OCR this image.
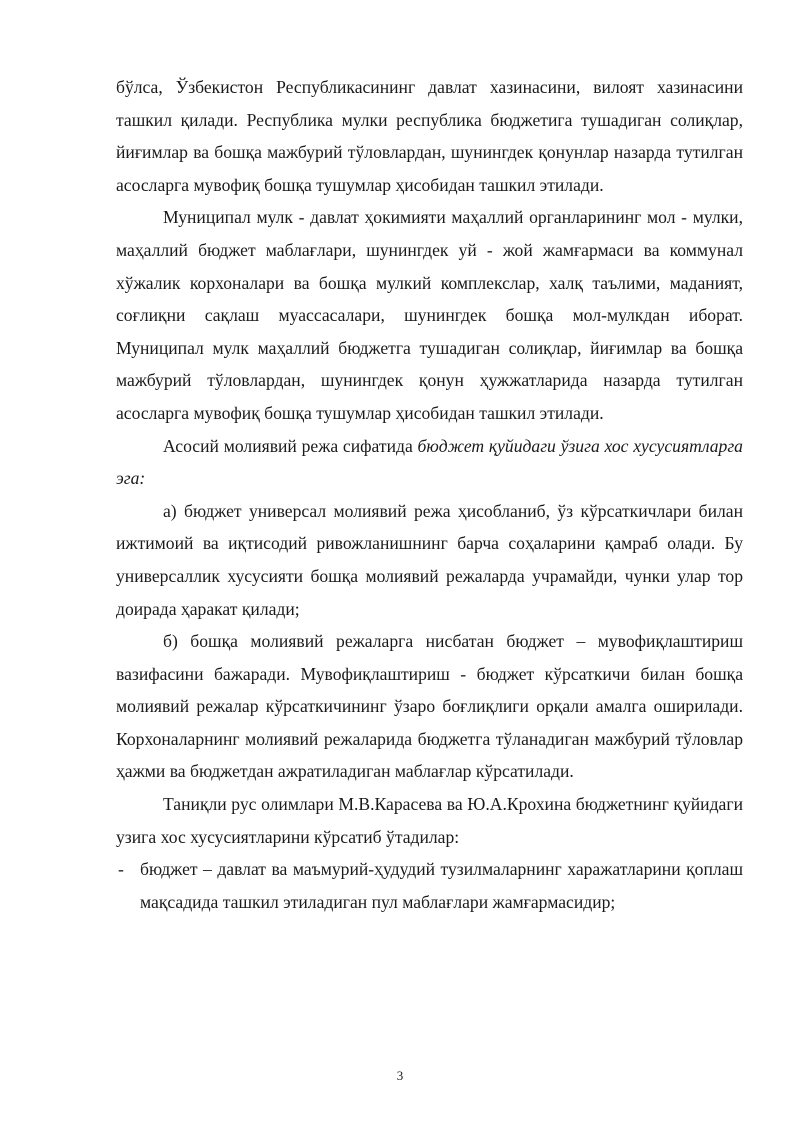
бўлса, Ўзбекистон Республикасининг давлат хазинасини, вилоят хазинасини ташкил қилади. Республика мулки республика бюджетига тушадиган солиқлар, йиғимлар ва бошқа мажбурий тўловлардан, шунингдек қонунлар назарда тутилган асосларга мувофиқ бошқа тушумлар ҳисобидан ташкил этилади.

Муниципал мулк - давлат ҳокимияти маҳаллий органларининг мол - мулки, маҳаллий бюджет маблағлари, шунингдек уй - жой жамғармаси ва коммунал хўжалик корхоналари ва бошқа мулкий комплекслар, халқ таълими, маданият, соғлиқни сақлаш муассасалари, шунингдек бошқа мол-мулкдан иборат. Муниципал мулк маҳаллий бюджетга тушадиган солиқлар, йиғимлар ва бошқа мажбурий тўловлардан, шунингдек қонун ҳужжатларида назарда тутилган асосларга мувофиқ бошқа тушумлар ҳисобидан ташкил этилади.

Асосий молиявий режа сифатида бюджет қуйидаги ўзига хос хусусиятларга эга:

а) бюджет универсал молиявий режа ҳисобланиб, ўз кўрсаткичлари билан ижтимоий ва иқтисодий ривожланишнинг барча соҳаларини қамраб олади. Бу универсаллик хусусияти бошқа молиявий режаларда учрамайди, чунки улар тор доирада ҳаракат қилади;

б) бошқа молиявий режаларга нисбатан бюджет – мувофиқлаштириш вазифасини бажаради. Мувофиқлаштириш - бюджет кўрсаткичи билан бошқа молиявий режалар кўрсаткичининг ўзаро боғлиқлиги орқали амалга оширилади. Корхоналарнинг молиявий режаларида бюджетга тўланадиган мажбурий тўловлар ҳажми ва бюджетдан ажратиладиган маблағлар кўрсатилади.

Таниқли рус олимлари М.В.Карасева ва Ю.А.Крохина бюджетнинг қуйидаги узига хос хусусиятларини кўрсатиб ўтадилар:

- бюджет – давлат ва маъмурий-ҳудудий тузилмаларнинг харажатларини қоплаш мақсадида ташкил этиладиган пул маблағлари жамғармасидир;

3
